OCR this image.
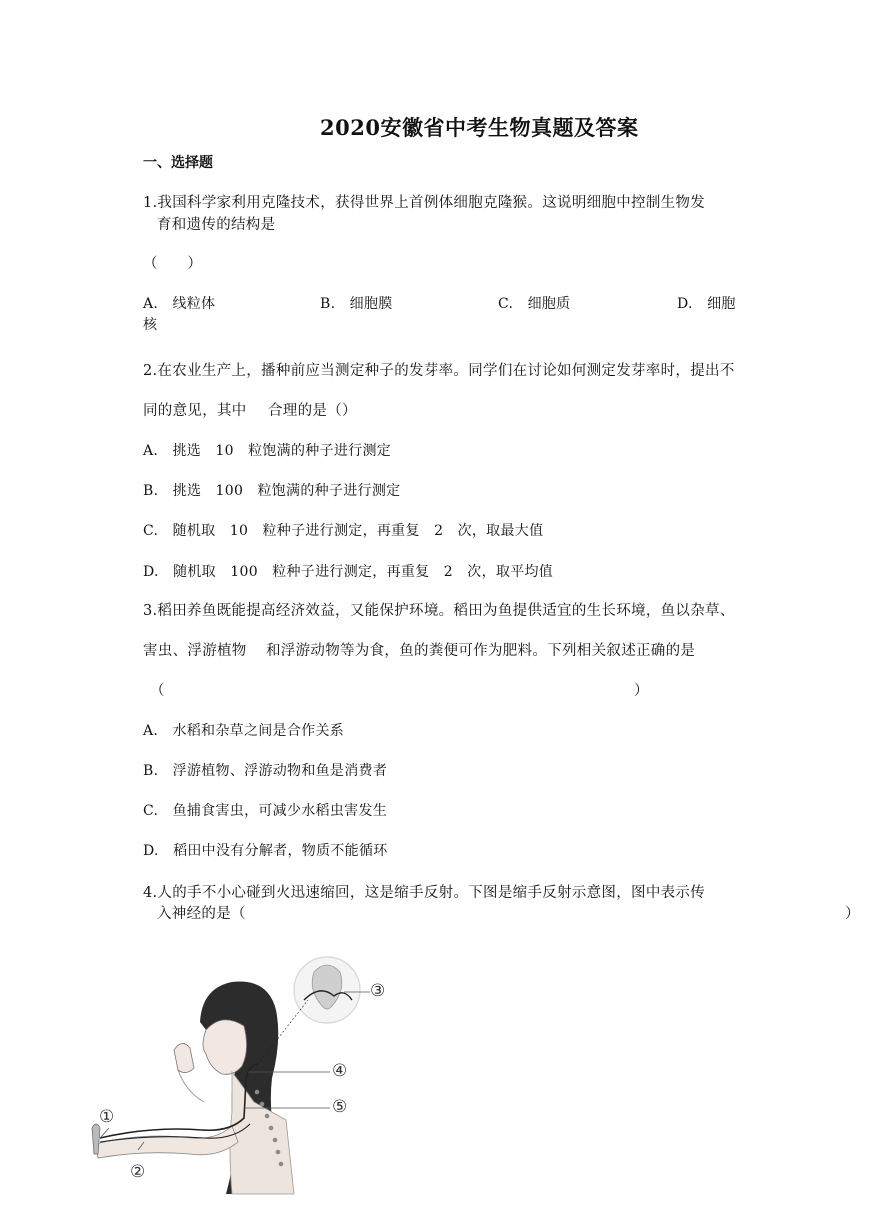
2020安徽省中考生物真题及答案
一、选择题
1.我国科学家利用克隆技术，获得世界上首例体细胞克隆猴。这说明细胞中控制生物发
育和遗传的结构是
（　　）
A.　线粒体	B.　细胞膜	C.　细胞质	D.　细胞
核
2.在农业生产上，播种前应当测定种子的发芽率。同学们在讨论如何测定发芽率时，提出不
同的意见，其中 合理的是（）
A.　挑选　10　粒饱满的种子进行测定
B.　挑选　100　粒饱满的种子进行测定
C.　随机取　10　粒种子进行测定，再重复　2　次，取最大值
D.　随机取　100　粒种子进行测定，再重复　2　次，取平均值
3.稻田养鱼既能提高经济效益，又能保护环境。稻田为鱼提供适宜的生长环境，鱼以杂草、
害虫、浮游植物 和浮游动物等为食，鱼的粪便可作为肥料。下列相关叙述正确的是
（	）
A.　水稻和杂草之间是合作关系
B.　浮游植物、浮游动物和鱼是消费者
C.　鱼捕食害虫，可减少水稻虫害发生
D.　稻田中没有分解者，物质不能循环
4.人的手不小心碰到火迅速缩回，这是缩手反射。下图是缩手反射示意图，图中表示传
入神经的是（	）
①
②
③
④
⑤
